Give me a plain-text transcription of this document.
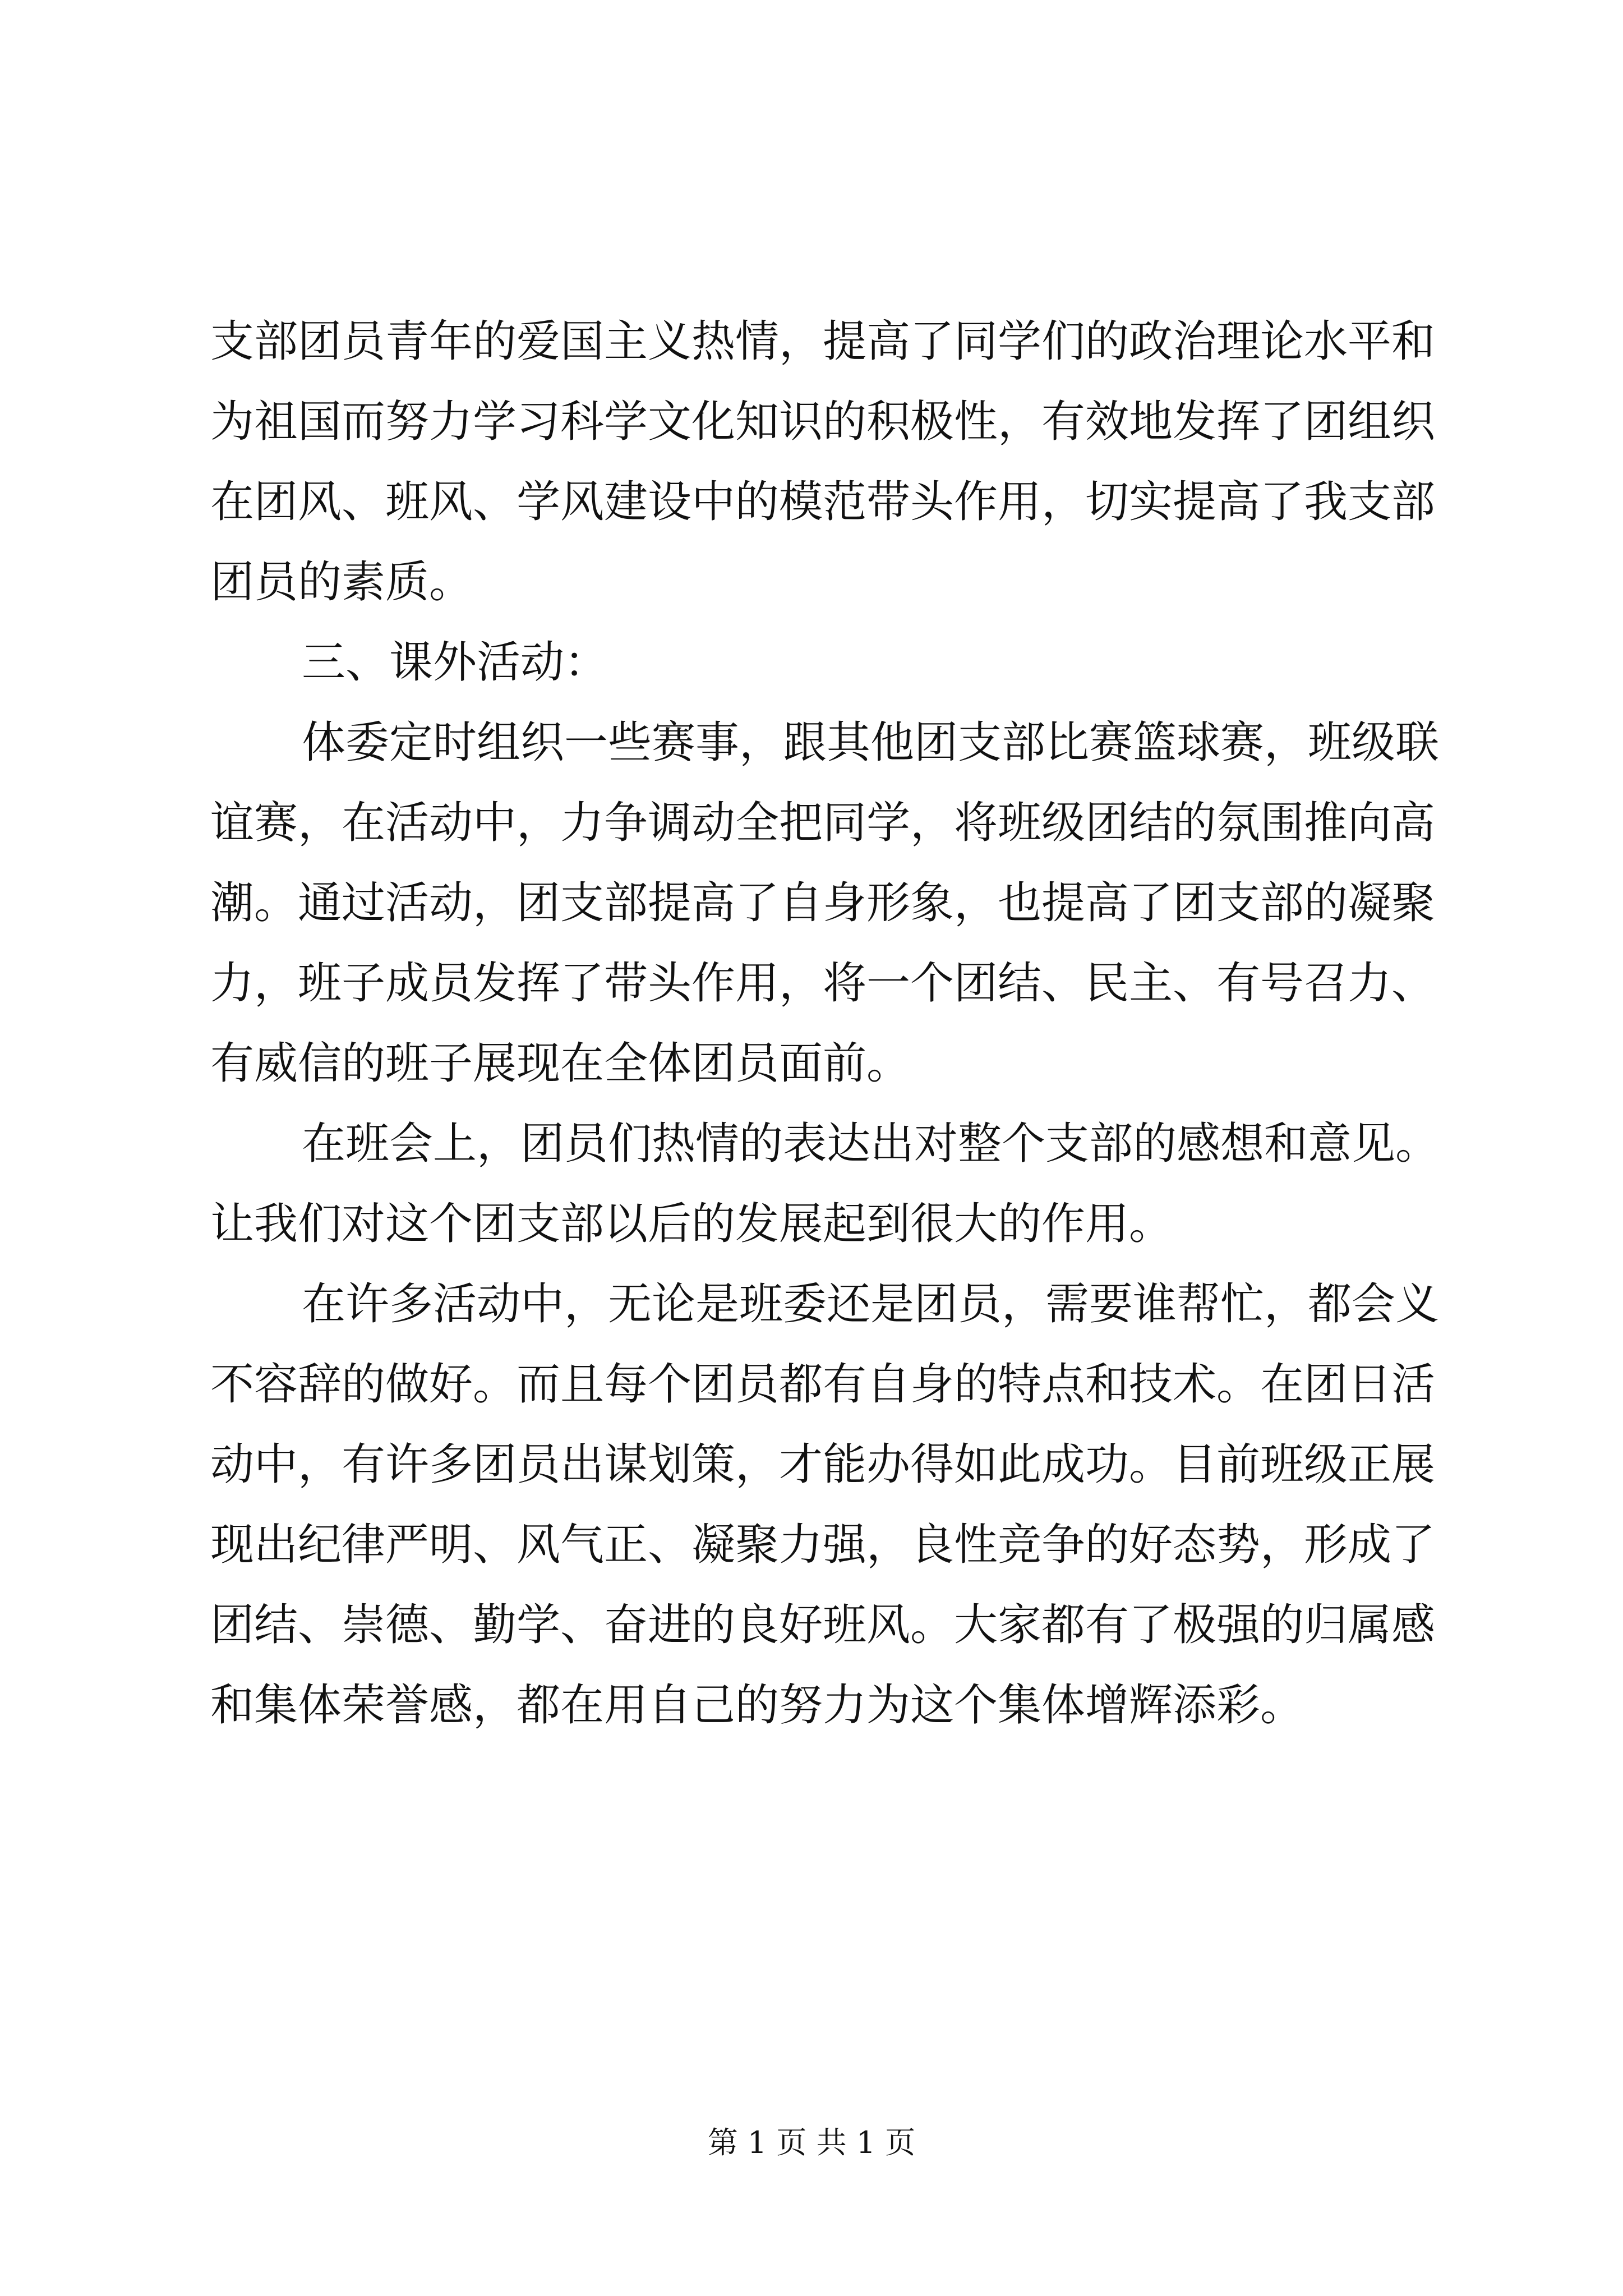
支部团员青年的爱国主义热情，提高了同学们的政治理论水平和
为祖国而努力学习科学文化知识的积极性，有效地发挥了团组织
在团风、班风、学风建设中的模范带头作用，切实提高了我支部
团员的素质。
三、课外活动：
体委定时组织一些赛事，跟其他团支部比赛篮球赛，班级联
谊赛，在活动中，力争调动全把同学，将班级团结的氛围推向高
潮。通过活动，团支部提高了自身形象，也提高了团支部的凝聚
力，班子成员发挥了带头作用，将一个团结、民主、有号召力、
有威信的班子展现在全体团员面前。
在班会上，团员们热情的表达出对整个支部的感想和意见。
让我们对这个团支部以后的发展起到很大的作用。
在许多活动中，无论是班委还是团员，需要谁帮忙，都会义
不容辞的做好。而且每个团员都有自身的特点和技术。在团日活
动中，有许多团员出谋划策，才能办得如此成功。目前班级正展
现出纪律严明、风气正、凝聚力强，良性竞争的好态势，形成了
团结、崇德、勤学、奋进的良好班风。大家都有了极强的归属感
和集体荣誉感，都在用自己的努力为这个集体增辉添彩。
第 1 页 共 1 页
